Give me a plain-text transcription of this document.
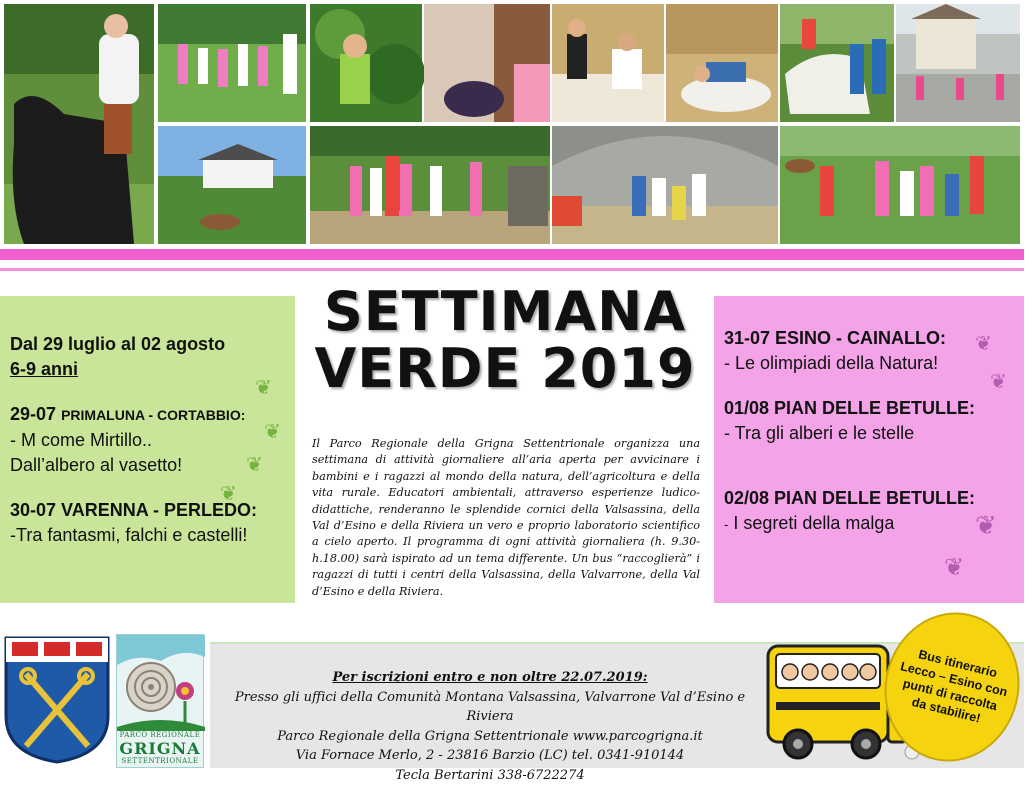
Dal 29 luglio al 02 agosto
6-9 anni
29-07 PRIMALUNA - CORTABBIO:
- M come Mirtillo..
Dall’albero al vasetto!
30-07 VARENNA - PERLEDO:
-Tra fantasmi, falchi e castelli!
❦
❦
❦
❦
SETTIMANA
VERDE 2019
Il Parco Regionale della Grigna Settentrionale organizza una settimana di attività giornaliere all’aria aperta per avvicinare i bambini e i ragazzi al mondo della natura, dell’agricoltura e della vita rurale. Educatori ambientali, attraverso esperienze ludico-didattiche, renderanno le splendide cornici della Valsassina, della Val d’Esino e della Riviera un vero e proprio laboratorio scientifico a cielo aperto. Il programma di ogni attività giornaliera (h. 9.30-h.18.00) sarà ispirato ad un tema differente. Un bus “raccoglierà” i ragazzi di tutti i centri della Valsassina, della Valvarrone, della Val d’Esino e della Riviera.
31-07 ESINO - CAINALLO:
- Le olimpiadi della Natura!
01/08 PIAN DELLE BETULLE:
- Tra gli alberi e le stelle
02/08 PIAN DELLE BETULLE:
- I segreti della malga
❦
❦
❦
❦
PARCO REGIONALE
GRIGNA
SETTENTRIONALE
Per iscrizioni entro e non oltre 22.07.2019:
Presso gli uffici della Comunità Montana Valsassina, Valvarrone Val d’Esino e Riviera
Parco Regionale della Grigna Settentrionale www.parcogrigna.it
Via Fornace Merlo, 2 - 23816 Barzio (LC) tel. 0341-910144
Tecla Bertarini 338-6722274
Bus itinerario Lecco – Esino con punti di raccolta da stabilire!
